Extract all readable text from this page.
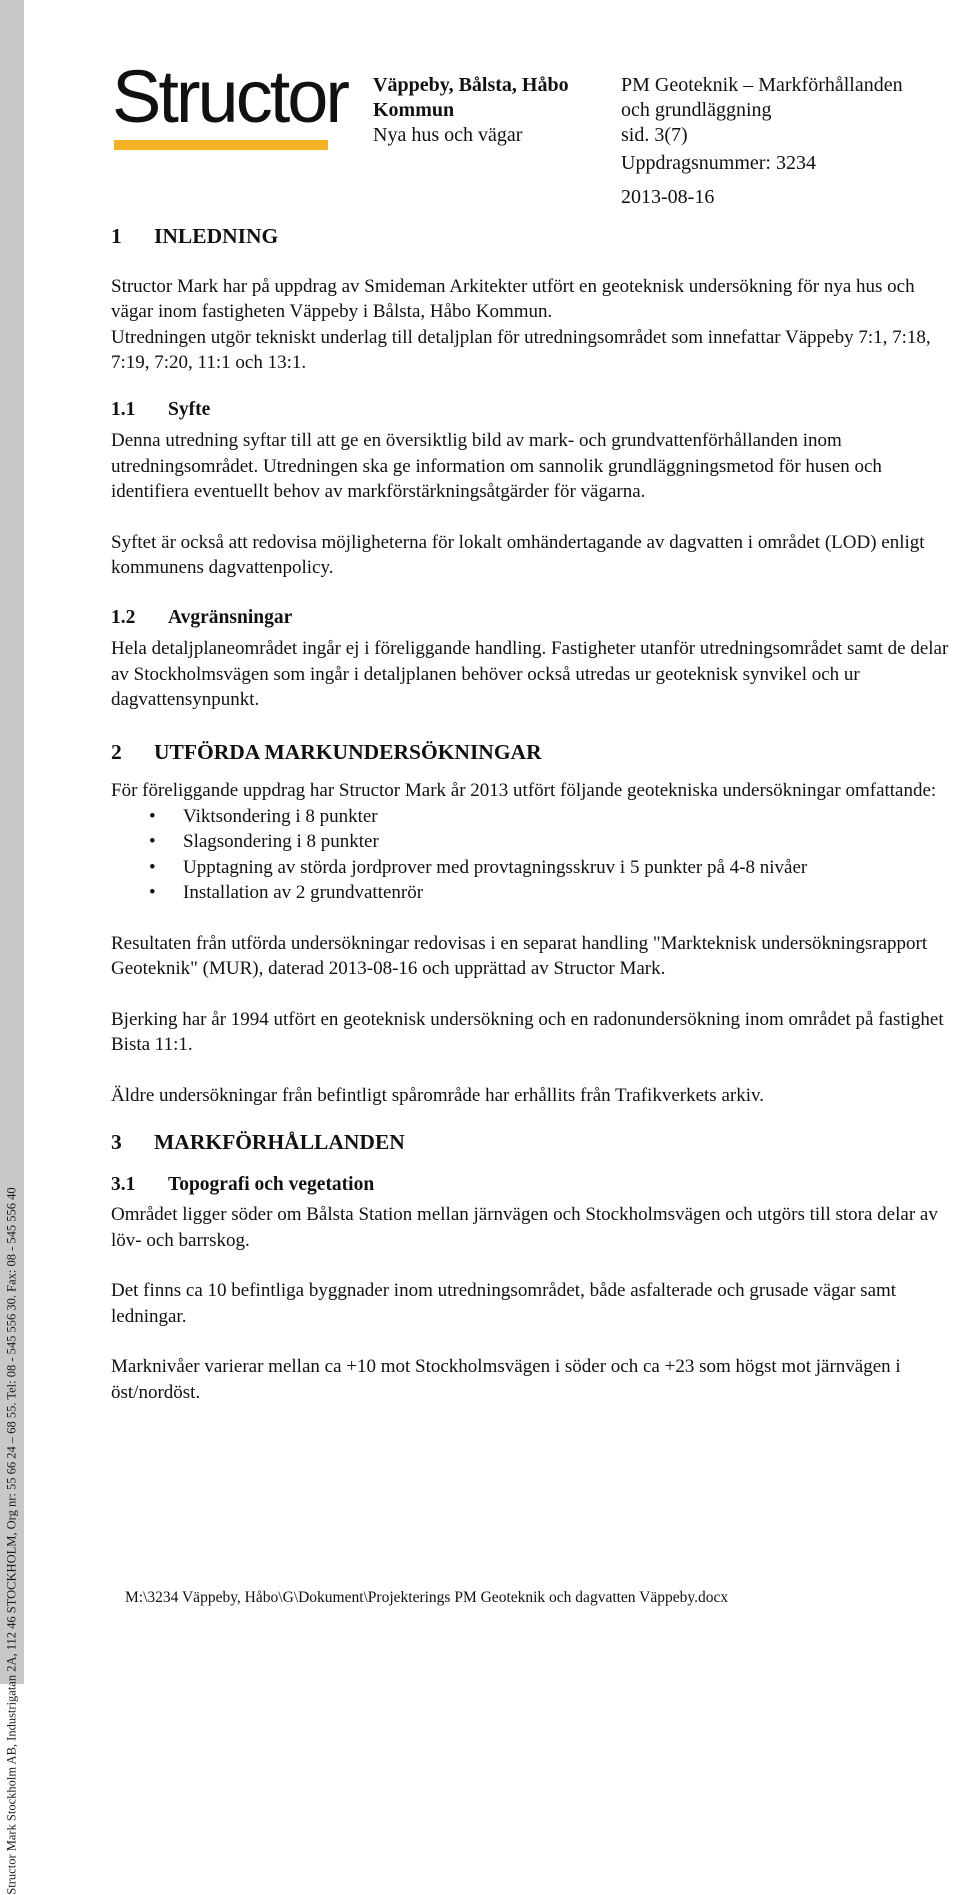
Structor Mark Stockholm AB, Industrigatan 2A, 112 46 STOCKHOLM, Org nr: 55 66 24 – 68 55. Tel: 08 - 545 556 30. Fax: 08 - 545 556 40
Structor Väppeby, Bålsta, Håbo
Kommun
Nya hus och vägar
PM Geoteknik – Markförhållanden
och grundläggning
sid. 3(7)
Uppdragsnummer: 3234
2013-08-16
1	INLEDNING

Structor Mark har på uppdrag av Smideman Arkitekter utfört en geoteknisk undersökning för nya hus och vägar inom fastigheten Väppeby i Bålsta, Håbo Kommun.

Utredningen utgör tekniskt underlag till detaljplan för utredningsområdet som innefattar Väppeby 7:1, 7:18, 7:19, 7:20, 11:1 och 13:1.

1.1	Syfte

Denna utredning syftar till att ge en översiktlig bild av mark- och grundvattenförhållanden inom utredningsområdet. Utredningen ska ge information om sannolik grundläggningsmetod för husen och identifiera eventuellt behov av markförstärkningsåtgärder för vägarna.

Syftet är också att redovisa möjligheterna för lokalt omhändertagande av dagvatten i området (LOD) enligt kommunens dagvattenpolicy.

1.2	Avgränsningar

Hela detaljplaneområdet ingår ej i föreliggande handling. Fastigheter utanför utredningsområdet samt de delar av Stockholmsvägen som ingår i detaljplanen behöver också utredas ur geoteknisk synvikel och ur dagvattensynpunkt.

2	UTFÖRDA MARKUNDERSÖKNINGAR

För föreliggande uppdrag har Structor Mark år 2013 utfört följande geotekniska undersökningar omfattande:

• Viktsondering i 8 punkter
• Slagsondering i 8 punkter
• Upptagning av störda jordprover med provtagningsskruv i 5 punkter på 4-8 nivåer
• Installation av 2 grundvattenrör

Resultaten från utförda undersökningar redovisas i en separat handling "Markteknisk undersökningsrapport Geoteknik" (MUR), daterad 2013-08-16 och upprättad av Structor Mark.

Bjerking har år 1994 utfört en geoteknisk undersökning och en radonundersökning inom området på fastighet Bista 11:1.

Äldre undersökningar från befintligt spårområde har erhållits från Trafikverkets arkiv.

3	MARKFÖRHÅLLANDEN
3.1	Topografi och vegetation

Området ligger söder om Bålsta Station mellan järnvägen och Stockholmsvägen och utgörs till stora delar av löv- och barrskog.

Det finns ca 10 befintliga byggnader inom utredningsområdet, både asfalterade och grusade vägar samt ledningar.

Marknivåer varierar mellan ca +10 mot Stockholmsvägen i söder och ca +23 som högst mot järnvägen i öst/nordöst.

M:\3234 Väppeby, Håbo\G\Dokument\Projekterings PM Geoteknik och dagvatten Väppeby.docx
